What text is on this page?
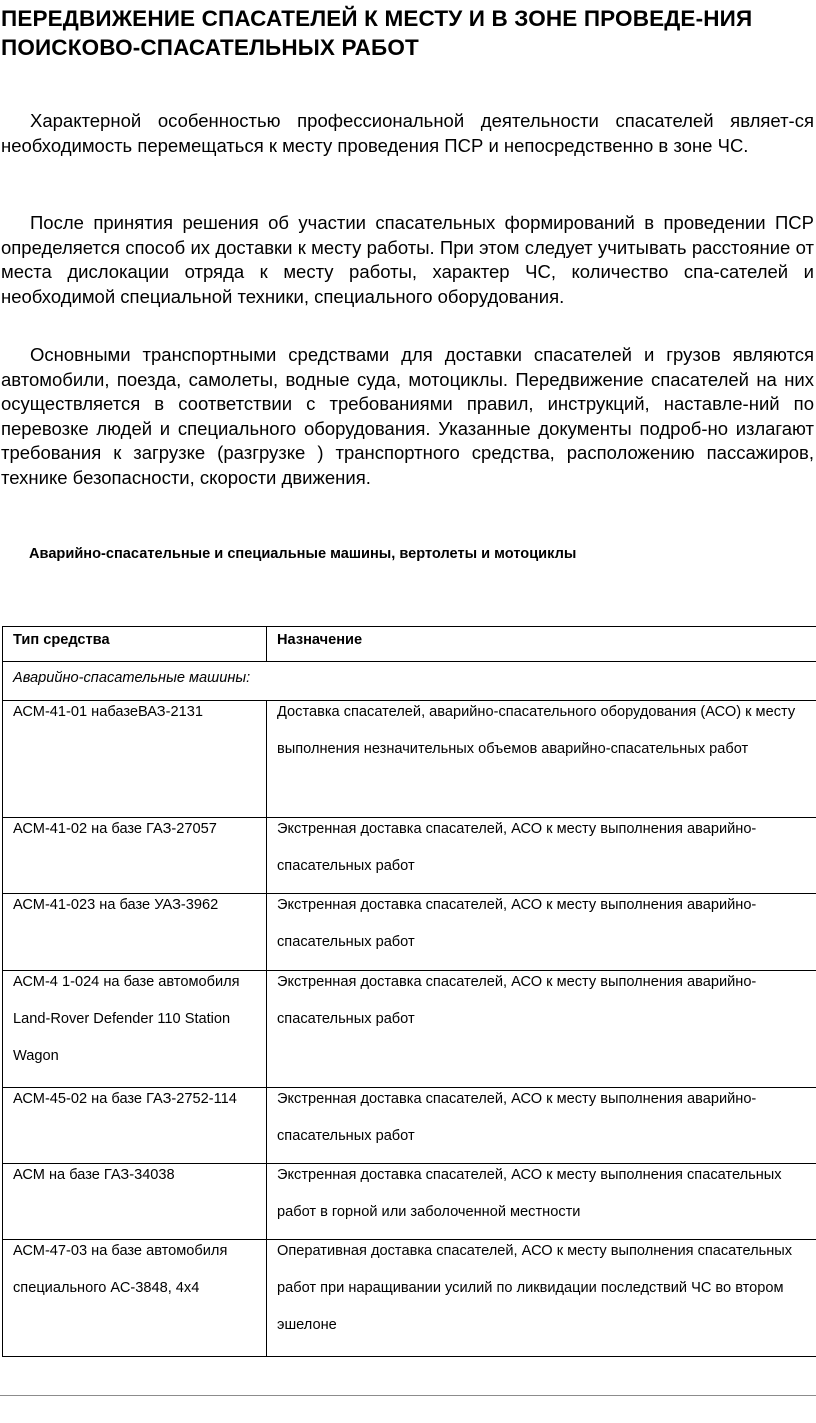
ПЕРЕДВИЖЕНИЕ СПАСАТЕЛЕЙ К МЕСТУ И В ЗОНЕ ПРОВЕДЕ-НИЯ ПОИСКОВО-СПАСАТЕЛЬНЫХ РАБОТ

Характерной особенностью профессиональной деятельности спасателей являет-ся необходимость перемещаться к месту проведения ПСР и непосредственно в зоне ЧС.

После принятия решения об участии спасательных формирований в проведении ПСР определяется способ их доставки к месту работы. При этом следует учитывать расстояние от места дислокации отряда к месту работы, характер ЧС, количество спа-сателей и необходимой специальной техники, специального оборудования.

Основными транспортными средствами для доставки спасателей и грузов являются автомобили, поезда, самолеты, водные суда, мотоциклы. Передвижение спасателей на них осуществляется в соответствии с требованиями правил, инструкций, наставле-ний по перевозке людей и специального оборудования. Указанные документы подроб-но излагают требования к загрузке (разгрузке ) транспортного средства, расположению пассажиров, технике безопасности, скорости движения.

Аварийно-спасательные и специальные машины, вертолеты и мотоциклы
Тип средства	Назначение
Аварийно-спасательные машины:	

АСМ-41-01 набазеВАЗ-2131	Доставка спасателей, аварийно-спасательного оборудования (АСО) к месту выполнения незначительных объемов аварийно-спасательных работ

АСМ-41-02 на базе ГАЗ-27057	Экстренная доставка спасателей, АСО к месту выполнения аварийно-спасательных работ

АСМ-41-023 на базе УАЗ-3962	Экстренная доставка спасателей, АСО к месту выполнения аварийно-спасательных работ

АСМ-4 1-024 на базе автомобиля Land-Rover Defender 110 Station Wagon	Экстренная доставка спасателей, АСО к месту выполнения аварийно-спасательных работ

АСМ-45-02 на базе ГАЗ-2752-114	Экстренная доставка спасателей, АСО к месту выполнения аварийно-спасательных работ

АСМ на базе ГАЗ-34038	Экстренная доставка спасателей, АСО к месту выполнения спасательных работ в горной или заболоченной местности

АСМ-47-03 на базе автомобиля специального АС-3848, 4x4	Оперативная доставка спасателей, АСО к месту выполнения спасательных работ при наращивании усилий по ликвидации последствий ЧС во втором эшелоне
